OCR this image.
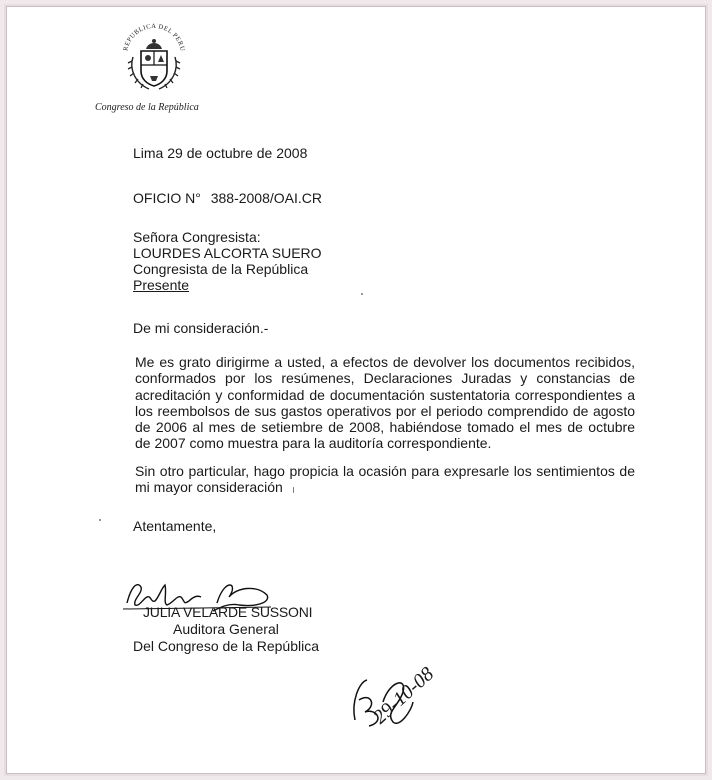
REPUBLICA DEL PERU
Congreso de la República
Lima 29 de octubre de 2008
OFICIO N° 388-2008/OAI.CR
Señora Congresista:
LOURDES ALCORTA SUERO
Congresista de la República
Presente
De mi consideración.-
Me es grato dirigirme a usted, a efectos de devolver los documentos recibidos, conformados por los resúmenes, Declaraciones Juradas y constancias de acreditación y conformidad de documentación sustentatoria correspondientes a los reembolsos de sus gastos operativos por el periodo comprendido de agosto de 2006 al mes de setiembre de 2008, habiéndose tomado el mes de octubre de 2007 como muestra para la auditoría correspondiente.
Sin otro particular, hago propicia la ocasión para expresarle los sentimientos de mi mayor consideración
Atentamente,
JULIA VELARDE SUSSONI
Auditora General
Del Congreso de la República
29-10-08
